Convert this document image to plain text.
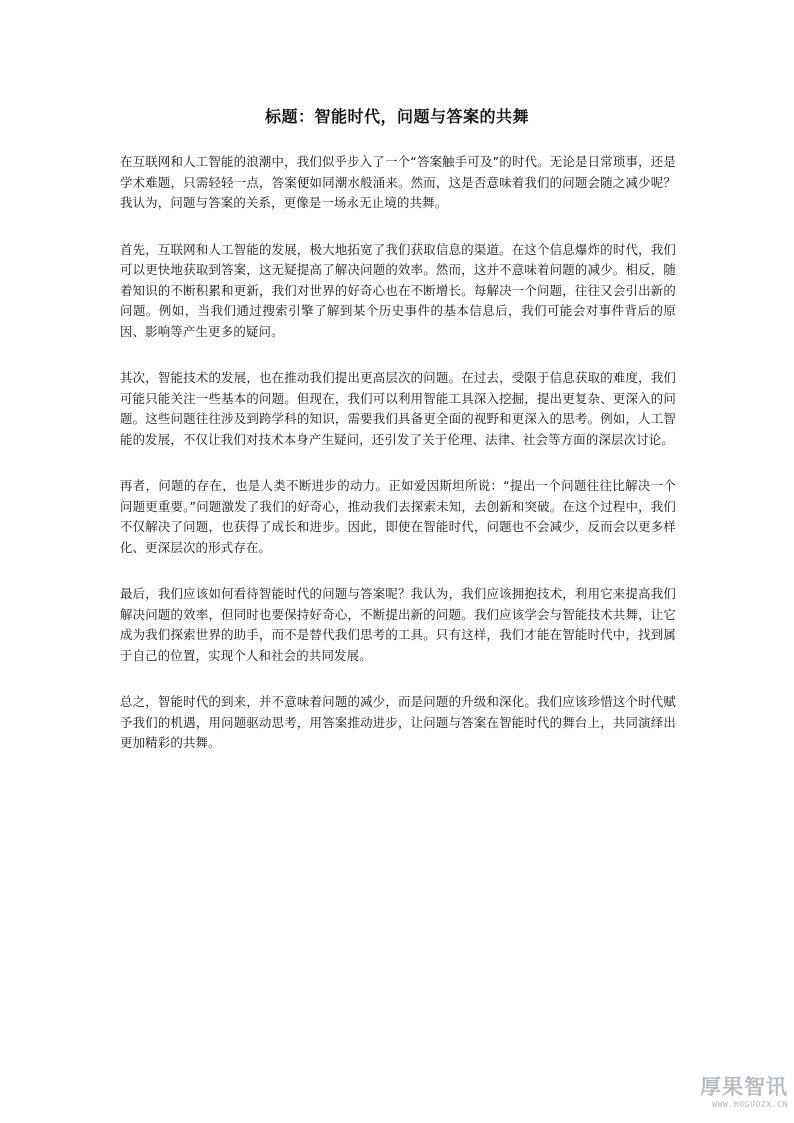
标题：智能时代，问题与答案的共舞

在互联网和人工智能的浪潮中，我们似乎步入了一个“答案触手可及”的时代。无论是日常琐事，还是学术难题，只需轻轻一点，答案便如同潮水般涌来。然而，这是否意味着我们的问题会随之减少呢？我认为，问题与答案的关系，更像是一场永无止境的共舞。

首先，互联网和人工智能的发展，极大地拓宽了我们获取信息的渠道。在这个信息爆炸的时代，我们可以更快地获取到答案，这无疑提高了解决问题的效率。然而，这并不意味着问题的减少。相反，随着知识的不断积累和更新，我们对世界的好奇心也在不断增长。每解决一个问题，往往又会引出新的问题。例如，当我们通过搜索引擎了解到某个历史事件的基本信息后，我们可能会对事件背后的原因、影响等产生更多的疑问。

其次，智能技术的发展，也在推动我们提出更高层次的问题。在过去，受限于信息获取的难度，我们可能只能关注一些基本的问题。但现在，我们可以利用智能工具深入挖掘，提出更复杂、更深入的问题。这些问题往往涉及到跨学科的知识，需要我们具备更全面的视野和更深入的思考。例如，人工智能的发展，不仅让我们对技术本身产生疑问，还引发了关于伦理、法律、社会等方面的深层次讨论。

再者，问题的存在，也是人类不断进步的动力。正如爱因斯坦所说：“提出一个问题往往比解决一个问题更重要。”问题激发了我们的好奇心，推动我们去探索未知，去创新和突破。在这个过程中，我们不仅解决了问题，也获得了成长和进步。因此，即使在智能时代，问题也不会减少，反而会以更多样化、更深层次的形式存在。

最后，我们应该如何看待智能时代的问题与答案呢？我认为，我们应该拥抱技术，利用它来提高我们解决问题的效率，但同时也要保持好奇心，不断提出新的问题。我们应该学会与智能技术共舞，让它成为我们探索世界的助手，而不是替代我们思考的工具。只有这样，我们才能在智能时代中，找到属于自己的位置，实现个人和社会的共同发展。

总之，智能时代的到来，并不意味着问题的减少，而是问题的升级和深化。我们应该珍惜这个时代赋予我们的机遇，用问题驱动思考，用答案推动进步，让问题与答案在智能时代的舞台上，共同演绎出更加精彩的共舞。

厚果智讯
WWW.HOGUOZX.CN
